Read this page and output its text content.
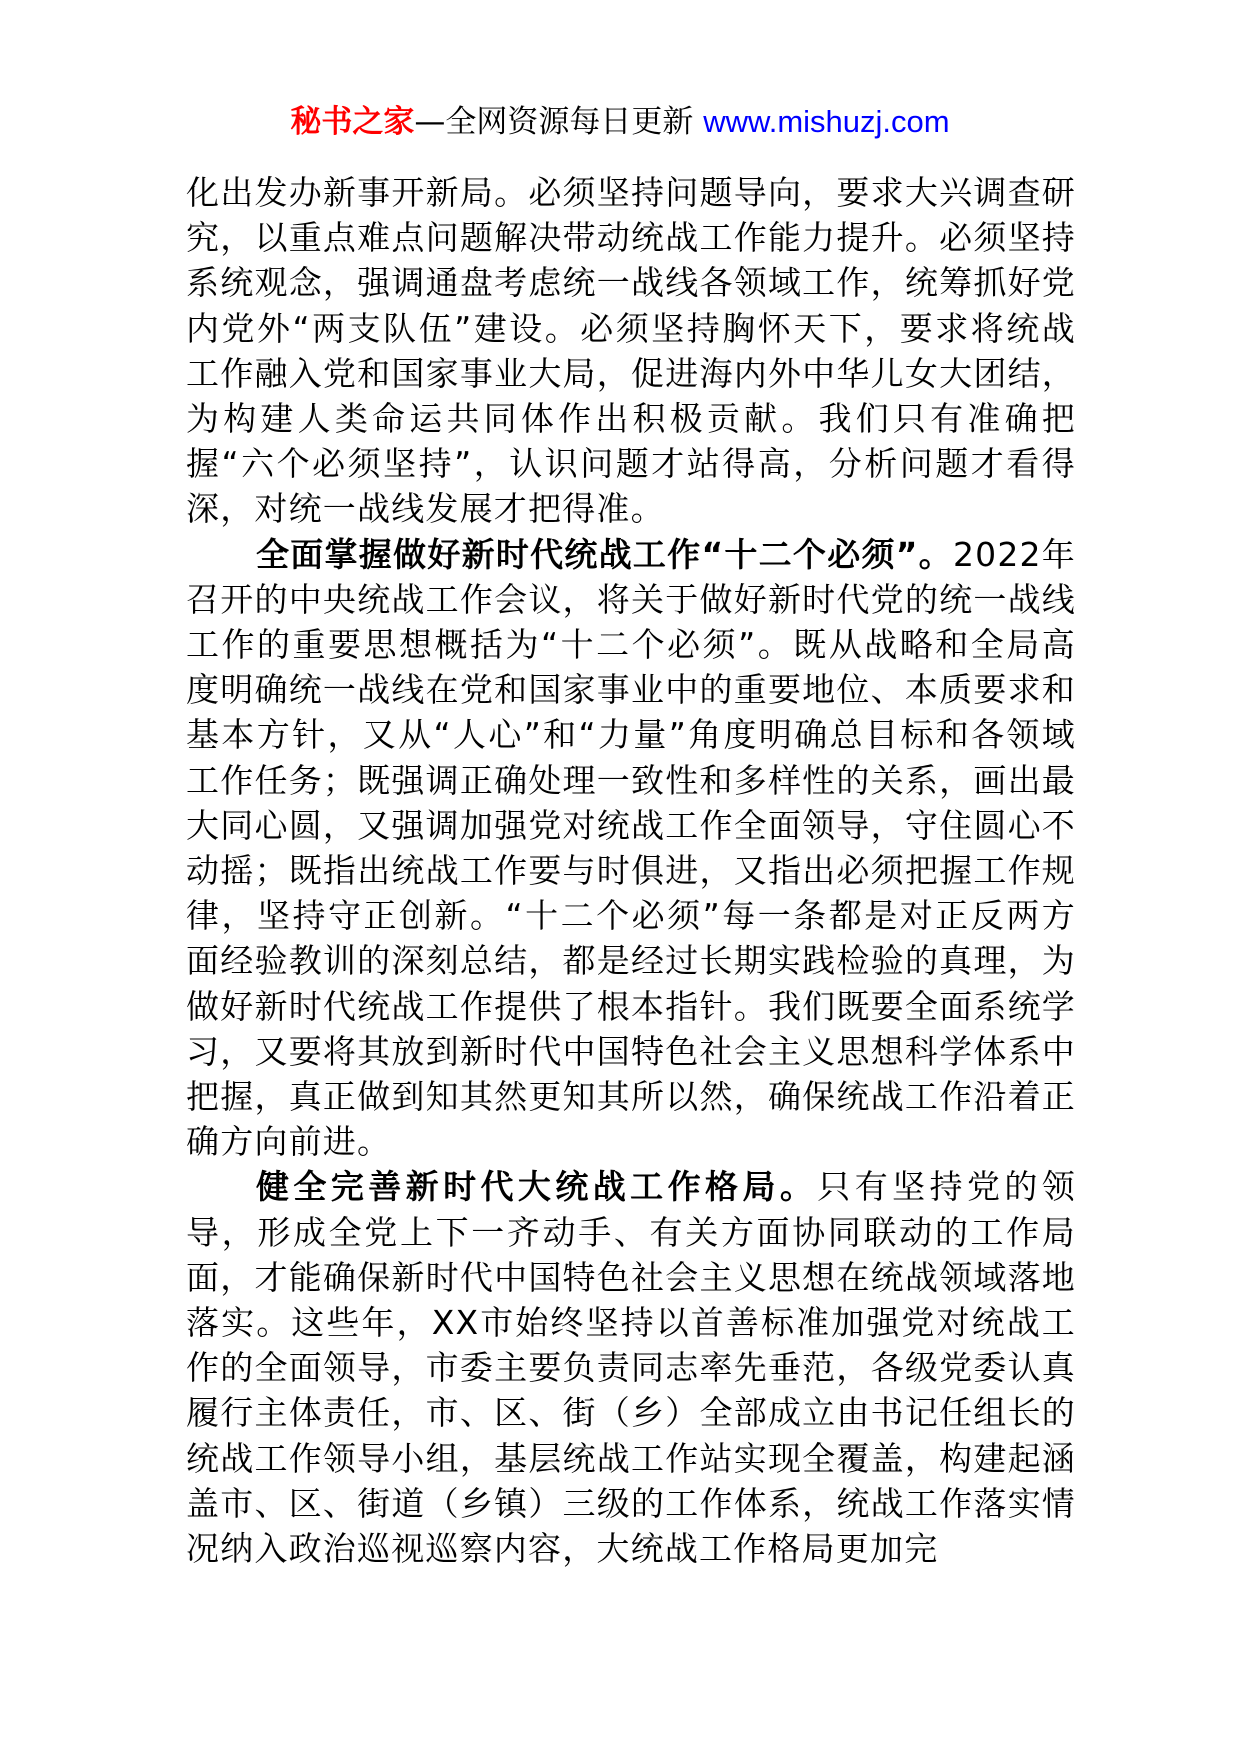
秘书之家—全网资源每日更新 www.mishuzj.com

化出发办新事开新局。必须坚持问题导向，要求大兴调查研究，以重点难点问题解决带动统战工作能力提升。必须坚持系统观念，强调通盘考虑统一战线各领域工作，统筹抓好党内党外“两支队伍”建设。必须坚持胸怀天下，要求将统战工作融入党和国家事业大局，促进海内外中华儿女大团结，为构建人类命运共同体作出积极贡献。我们只有准确把握“六个必须坚持”，认识问题才站得高，分析问题才看得深，对统一战线发展才把得准。

全面掌握做好新时代统战工作“十二个必须”。2022年召开的中央统战工作会议，将关于做好新时代党的统一战线工作的重要思想概括为“十二个必须”。既从战略和全局高度明确统一战线在党和国家事业中的重要地位、本质要求和基本方针，又从“人心”和“力量”角度明确总目标和各领域工作任务；既强调正确处理一致性和多样性的关系，画出最大同心圆，又强调加强党对统战工作全面领导，守住圆心不动摇；既指出统战工作要与时俱进，又指出必须把握工作规律，坚持守正创新。“十二个必须”每一条都是对正反两方面经验教训的深刻总结，都是经过长期实践检验的真理，为做好新时代统战工作提供了根本指针。我们既要全面系统学习，又要将其放到新时代中国特色社会主义思想科学体系中把握，真正做到知其然更知其所以然，确保统战工作沿着正确方向前进。

健全完善新时代大统战工作格局。只有坚持党的领导，形成全党上下一齐动手、有关方面协同联动的工作局面，才能确保新时代中国特色社会主义思想在统战领域落地落实。这些年，XX市始终坚持以首善标准加强党对统战工作的全面领导，市委主要负责同志率先垂范，各级党委认真履行主体责任，市、区、街（乡）全部成立由书记任组长的统战工作领导小组，基层统战工作站实现全覆盖，构建起涵盖市、区、街道（乡镇）三级的工作体系，统战工作落实情况纳入政治巡视巡察内容，大统战工作格局更加完
